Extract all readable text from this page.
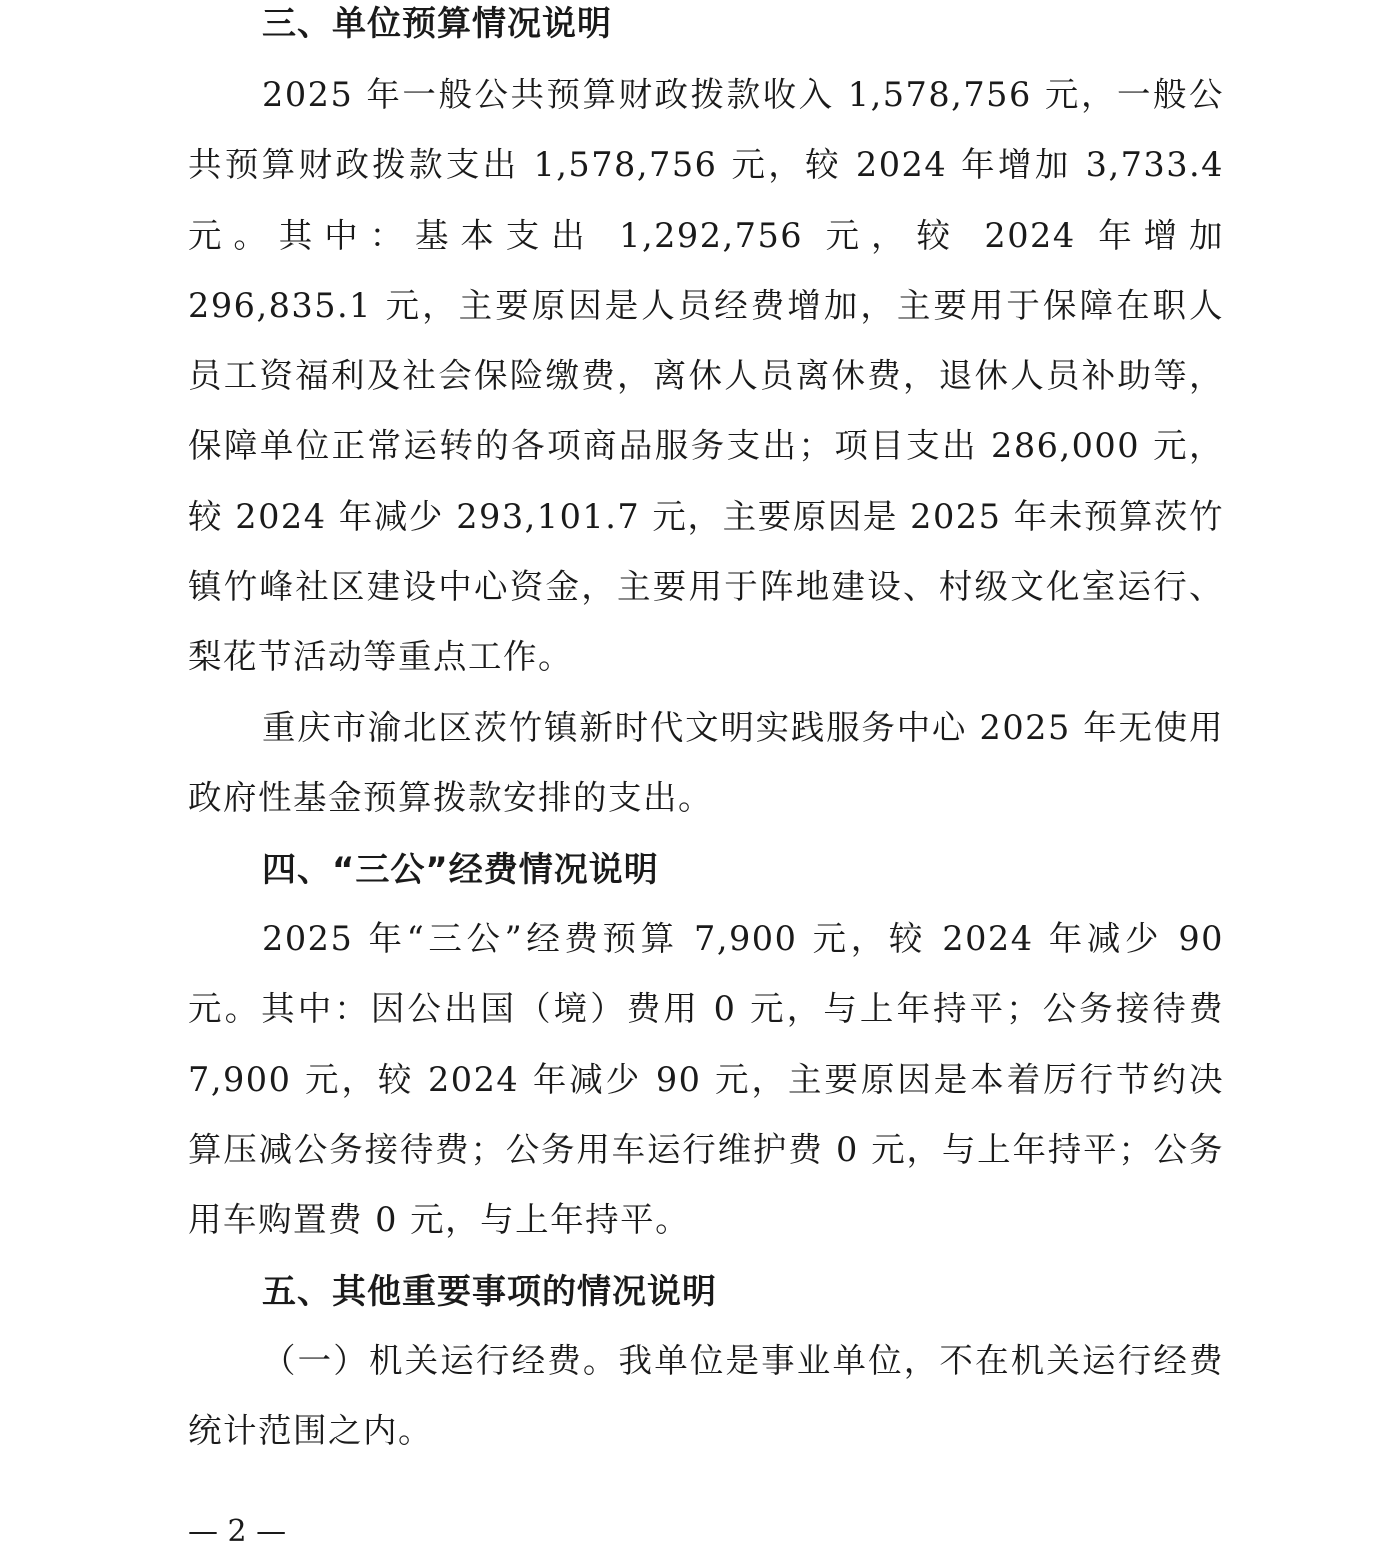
三、单位预算情况说明

2025 年一般公共预算财政拨款收入 1,578,756 元，一般公共预算财政拨款支出 1,578,756 元，较 2024 年增加 3,733.4 元。其中：基本支出 1,292,756 元，较 2024 年增加 296,835.1 元，主要原因是人员经费增加，主要用于保障在职人员工资福利及社会保险缴费，离休人员离休费，退休人员补助等，保障单位正常运转的各项商品服务支出；项目支出 286,000 元，较 2024 年减少 293,101.7 元，主要原因是 2025 年未预算茨竹镇竹峰社区建设中心资金，主要用于阵地建设、村级文化室运行、梨花节活动等重点工作。

重庆市渝北区茨竹镇新时代文明实践服务中心 2025 年无使用政府性基金预算拨款安排的支出。

四、“三公”经费情况说明

2025 年“三公”经费预算 7,900 元，较 2024 年减少 90 元。其中：因公出国（境）费用 0 元，与上年持平；公务接待费 7,900 元，较 2024 年减少 90 元，主要原因是本着厉行节约决算压减公务接待费；公务用车运行维护费 0 元，与上年持平；公务用车购置费 0 元，与上年持平。

五、其他重要事项的情况说明

（一）机关运行经费。我单位是事业单位，不在机关运行经费统计范围之内。

— 2 —
